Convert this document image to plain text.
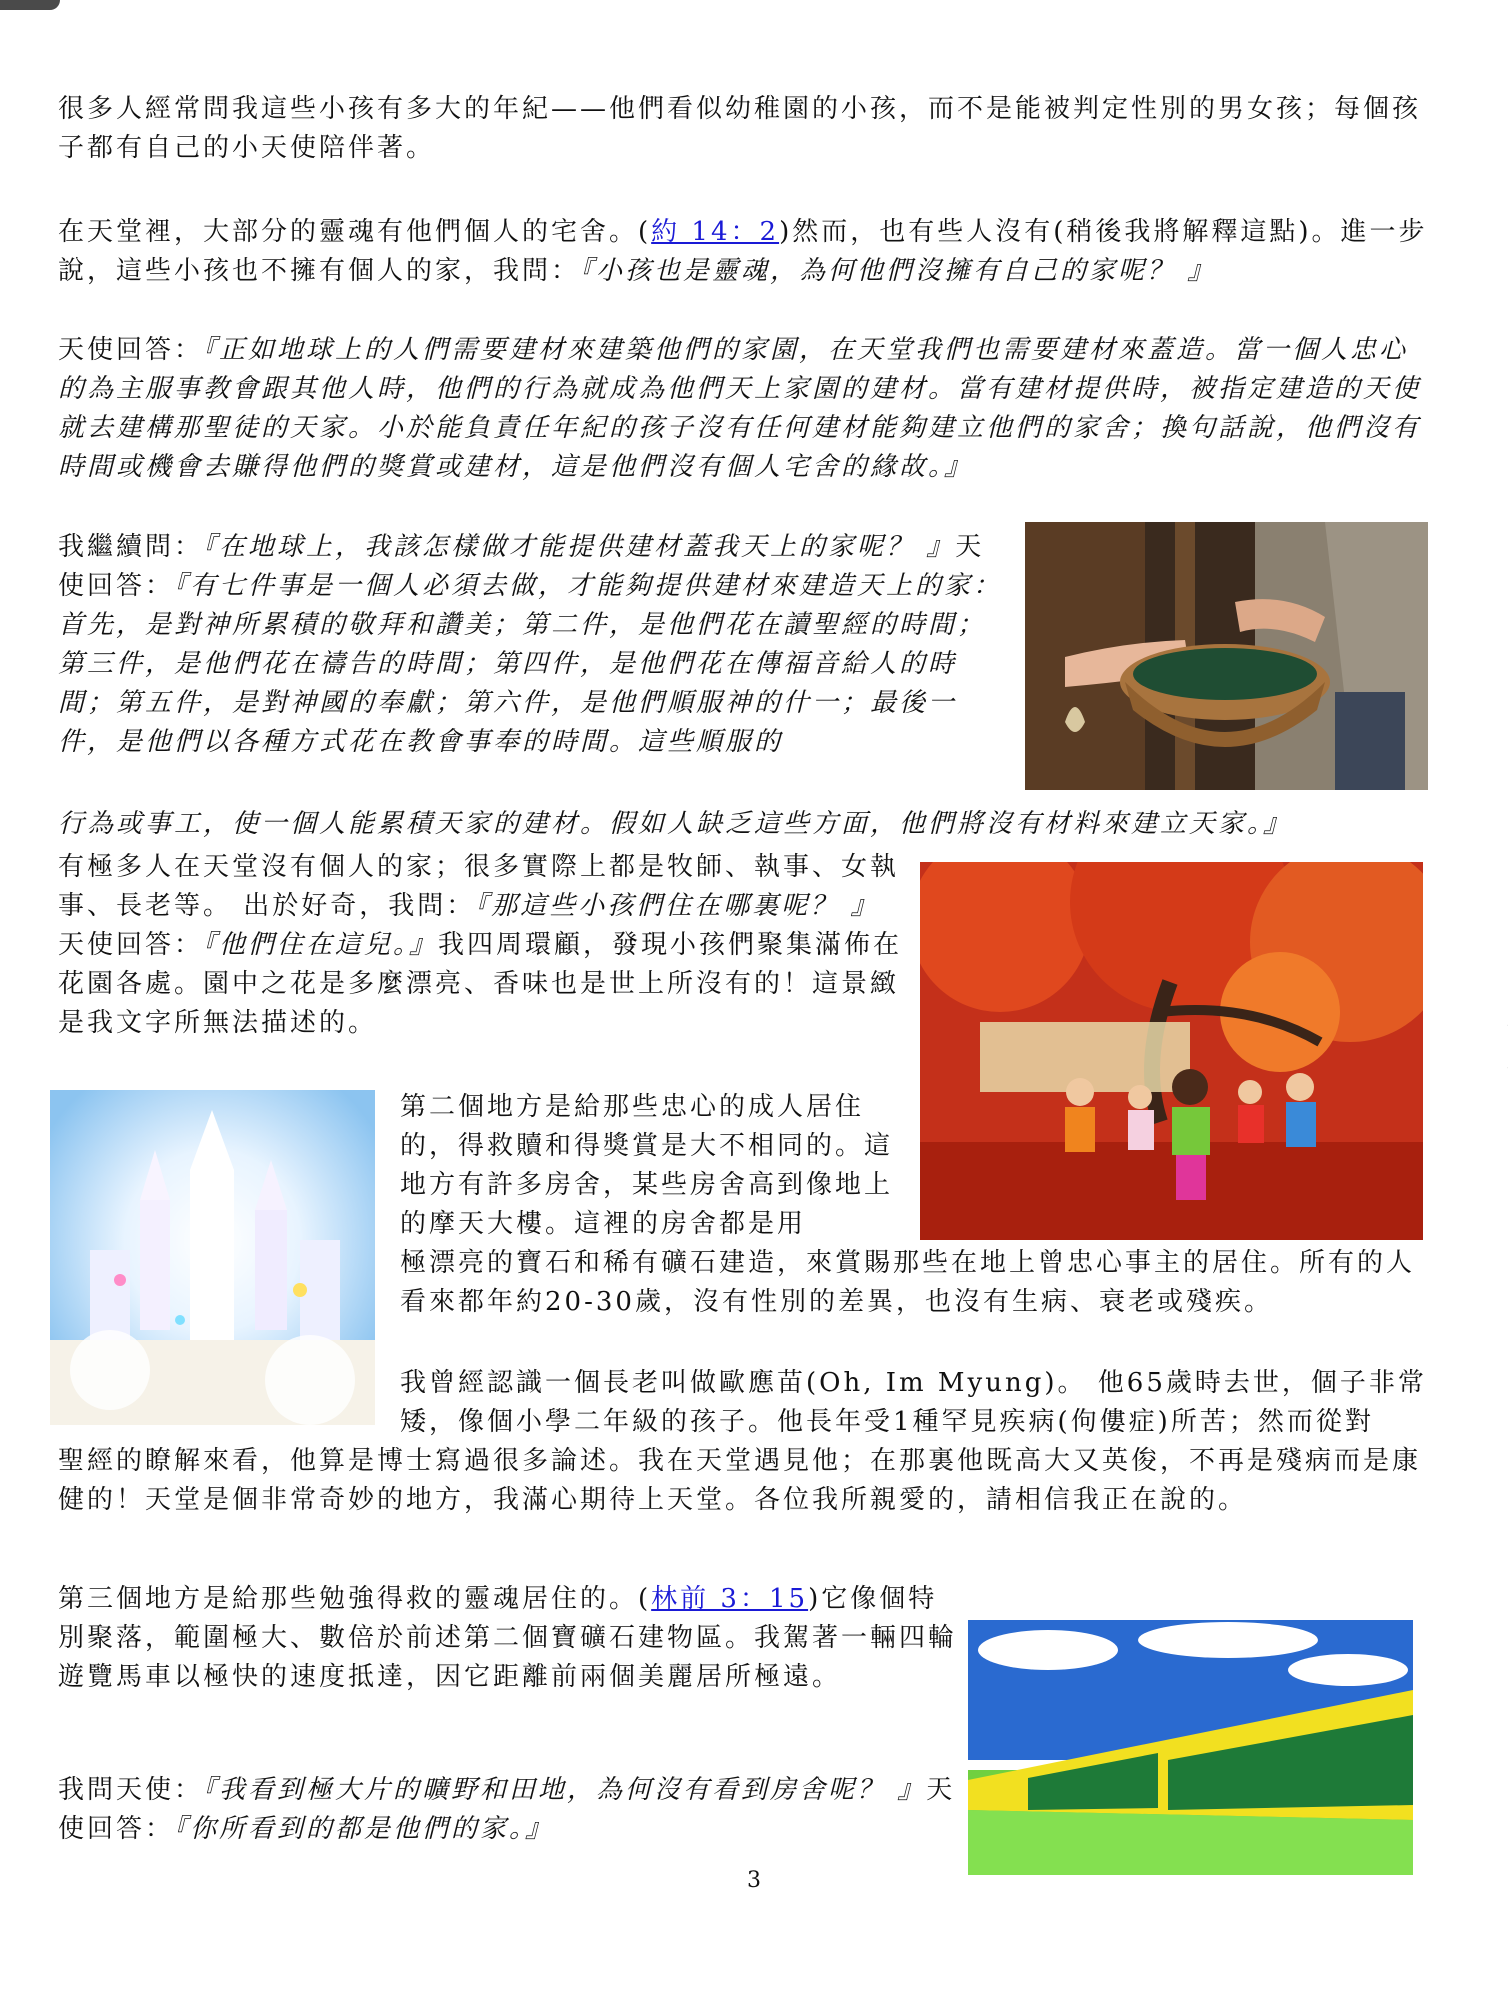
很多人經常問我這些小孩有多大的年紀——他們看似幼稚園的小孩，而不是能被判定性別的男女孩；每個孩子都有自己的小天使陪伴著。

在天堂裡，大部分的靈魂有他們個人的宅舍。(約 14：2)然而，也有些人沒有(稍後我將解釋這點)。進一步說，這些小孩也不擁有個人的家，我問：『小孩也是靈魂，為何他們沒擁有自己的家呢？ 』

天使回答：『正如地球上的人們需要建材來建築他們的家園，在天堂我們也需要建材來蓋造。當一個人忠心的為主服事教會跟其他人時，他們的行為就成為他們天上家園的建材。當有建材提供時，被指定建造的天使就去建構那聖徒的天家。小於能負責任年紀的孩子沒有任何建材能夠建立他們的家舍；換句話說，他們沒有時間或機會去賺得他們的獎賞或建材，這是他們沒有個人宅舍的緣故。』

我繼續問：『在地球上，我該怎樣做才能提供建材蓋我天上的家呢？ 』天使回答：『有七件事是一個人必須去做，才能夠提供建材來建造天上的家：
首先，是對神所累積的敬拜和讚美；第二件，是他們花在讀聖經的時間；第三件，是他們花在禱告的時間；第四件，是他們花在傳福音給人的時間；第五件，是對神國的奉獻；第六件，是他們順服神的什一；最後一件，是他們以各種方式花在教會事奉的時間。這些順服的

行為或事工，使一個人能累積天家的建材。假如人缺乏這些方面，他們將沒有材料來建立天家。』

有極多人在天堂沒有個人的家；很多實際上都是牧師、執事、女執事、長老等。 出於好奇，我問：『那這些小孩們住在哪裏呢？ 』天使回答：『他們住在這兒。』我四周環顧，發現小孩們聚集滿佈在花園各處。園中之花是多麼漂亮、香味也是世上所沒有的！這景緻是我文字所無法描述的。

第二個地方是給那些忠心的成人居住的，得救贖和得獎賞是大不相同的。這地方有許多房舍，某些房舍高到像地上的摩天大樓。這裡的房舍都是用

極漂亮的寶石和稀有礦石建造，來賞賜那些在地上曾忠心事主的居住。所有的人看來都年約20-30歲，沒有性別的差異，也沒有生病、衰老或殘疾。

我曾經認識一個長老叫做歐應苗(Oh, Im Myung)。 他65歲時去世，個子非常矮，像個小學二年級的孩子。他長年受1種罕見疾病(佝僂症)所苦；然而從對

聖經的瞭解來看，他算是博士寫過很多論述。我在天堂遇見他；在那裏他既高大又英俊，不再是殘病而是康健的！天堂是個非常奇妙的地方，我滿心期待上天堂。各位我所親愛的，請相信我正在說的。

第三個地方是給那些勉強得救的靈魂居住的。(林前 3：15)它像個特別聚落，範圍極大、數倍於前述第二個寶礦石建物區。我駕著一輛四輪遊覽馬車以極快的速度抵達，因它距離前兩個美麗居所極遠。

我問天使：『我看到極大片的曠野和田地，為何沒有看到房舍呢？ 』天使回答：『你所看到的都是他們的家。』

3
